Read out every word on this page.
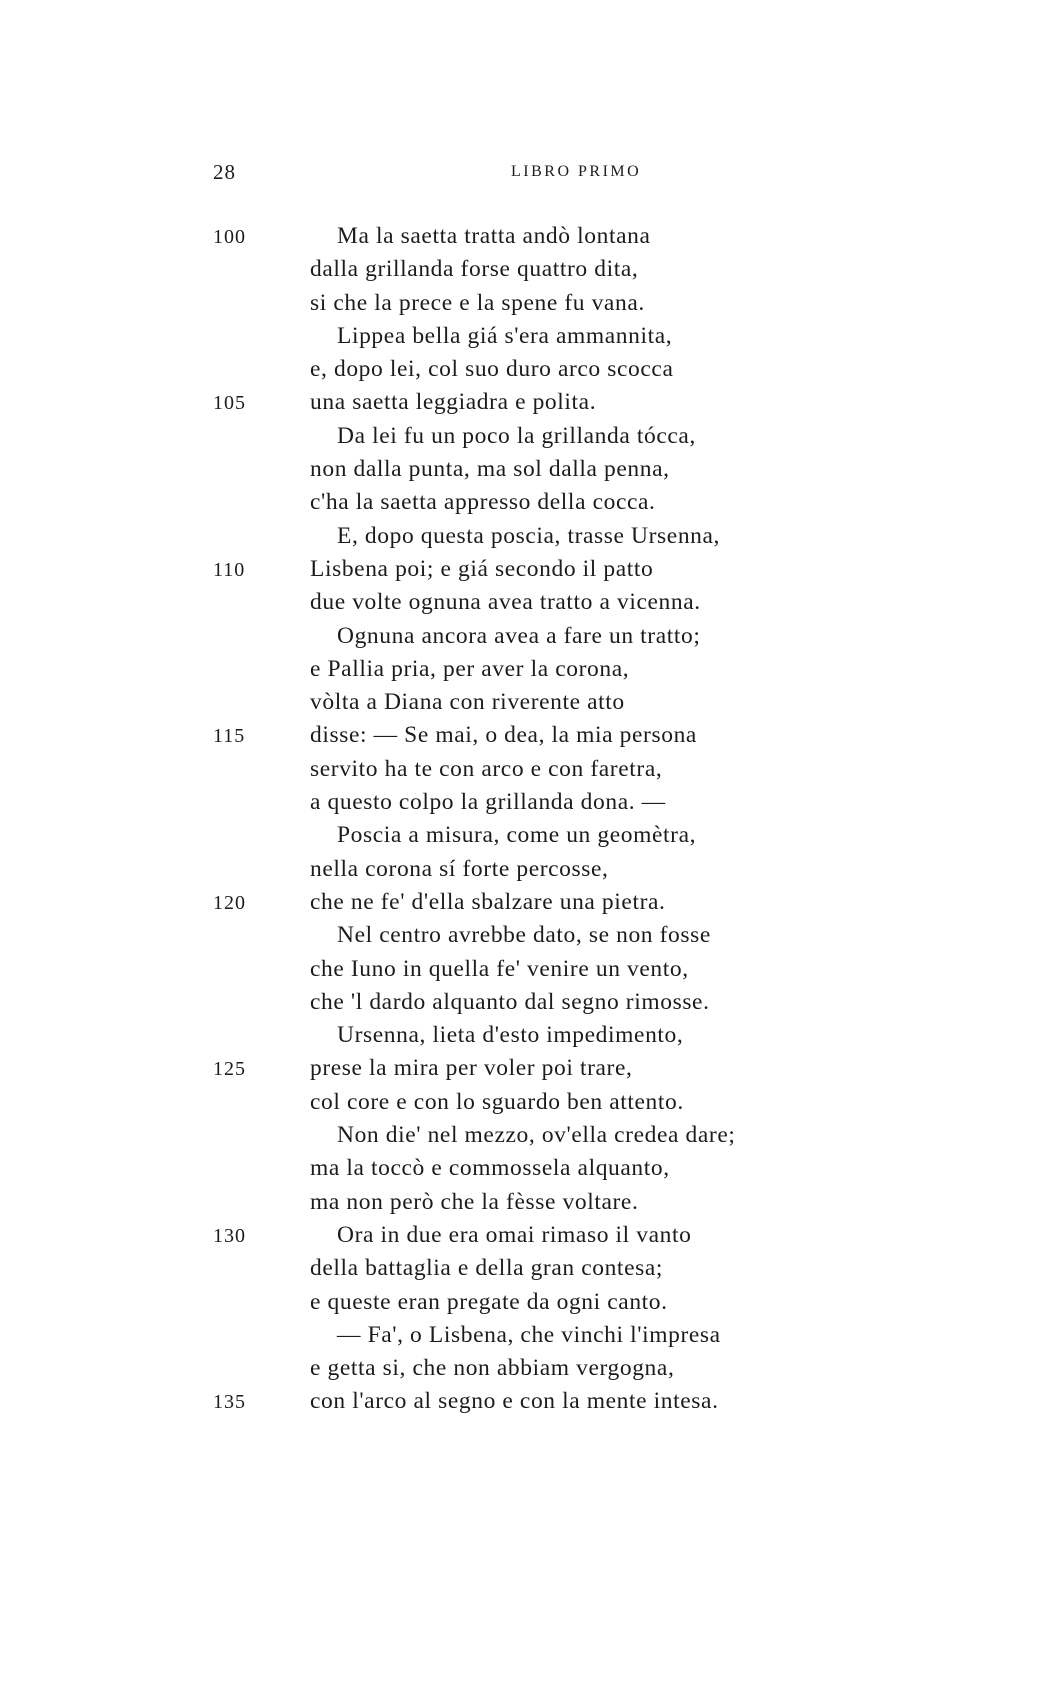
28	LIBRO PRIMO
100	Ma la saetta tratta andò lontana
dalla grillanda forse quattro dita,
si che la prece e la spene fu vana.
Lippea bella giá s'era ammannita,
e, dopo lei, col suo duro arco scocca
105	una saetta leggiadra e polita.
Da lei fu un poco la grillanda tócca,
non dalla punta, ma sol dalla penna,
c'ha la saetta appresso della cocca.
E, dopo questa poscia, trasse Ursenna,
110	Lisbena poi; e giá secondo il patto
due volte ognuna avea tratto a vicenna.
Ognuna ancora avea a fare un tratto;
e Pallia pria, per aver la corona,
vòlta a Diana con riverente atto
115	disse: — Se mai, o dea, la mia persona
servito ha te con arco e con faretra,
a questo colpo la grillanda dona. —
Poscia a misura, come un geomètra,
nella corona sí forte percosse,
120	che ne fe' d'ella sbalzare una pietra.
Nel centro avrebbe dato, se non fosse
che Iuno in quella fe' venire un vento,
che 'l dardo alquanto dal segno rimosse.
Ursenna, lieta d'esto impedimento,
125	prese la mira per voler poi trare,
col core e con lo sguardo ben attento.
Non die' nel mezzo, ov'ella credea dare;
ma la toccò e commossela alquanto,
ma non però che la fèsse voltare.
130	Ora in due era omai rimaso il vanto
della battaglia e della gran contesa;
e queste eran pregate da ogni canto.
— Fa', o Lisbena, che vinchi l'impresa
e getta si, che non abbiam vergogna,
135	con l'arco al segno e con la mente intesa.
